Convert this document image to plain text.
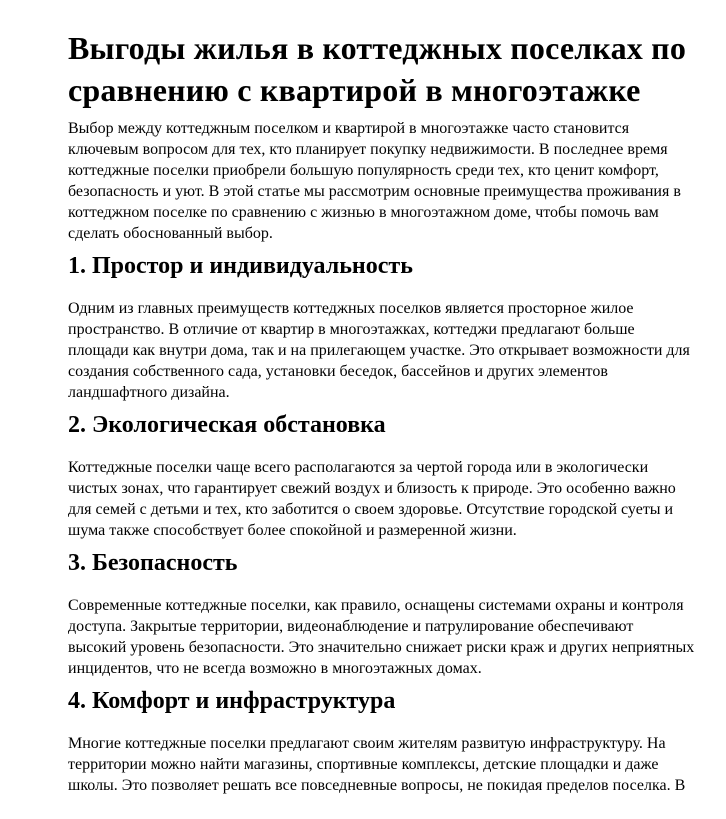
Выгоды жилья в коттеджных поселках по сравнению с квартирой в многоэтажке

Выбор между коттеджным поселком и квартирой в многоэтажке часто становится ключевым вопросом для тех, кто планирует покупку недвижимости. В последнее время коттеджные поселки приобрели большую популярность среди тех, кто ценит комфорт, безопасность и уют. В этой статье мы рассмотрим основные преимущества проживания в коттеджном поселке по сравнению с жизнью в многоэтажном доме, чтобы помочь вам сделать обоснованный выбор.

1. Простор и индивидуальность

Одним из главных преимуществ коттеджных поселков является просторное жилое пространство. В отличие от квартир в многоэтажках, коттеджи предлагают больше площади как внутри дома, так и на прилегающем участке. Это открывает возможности для создания собственного сада, установки беседок, бассейнов и других элементов ландшафтного дизайна.

2. Экологическая обстановка

Коттеджные поселки чаще всего располагаются за чертой города или в экологически чистых зонах, что гарантирует свежий воздух и близость к природе. Это особенно важно для семей с детьми и тех, кто заботится о своем здоровье. Отсутствие городской суеты и шума также способствует более спокойной и размеренной жизни.

3. Безопасность

Современные коттеджные поселки, как правило, оснащены системами охраны и контроля доступа. Закрытые территории, видеонаблюдение и патрулирование обеспечивают высокий уровень безопасности. Это значительно снижает риски краж и других неприятных инцидентов, что не всегда возможно в многоэтажных домах.

4. Комфорт и инфраструктура

Многие коттеджные поселки предлагают своим жителям развитую инфраструктуру. На территории можно найти магазины, спортивные комплексы, детские площадки и даже школы. Это позволяет решать все повседневные вопросы, не покидая пределов поселка. В
